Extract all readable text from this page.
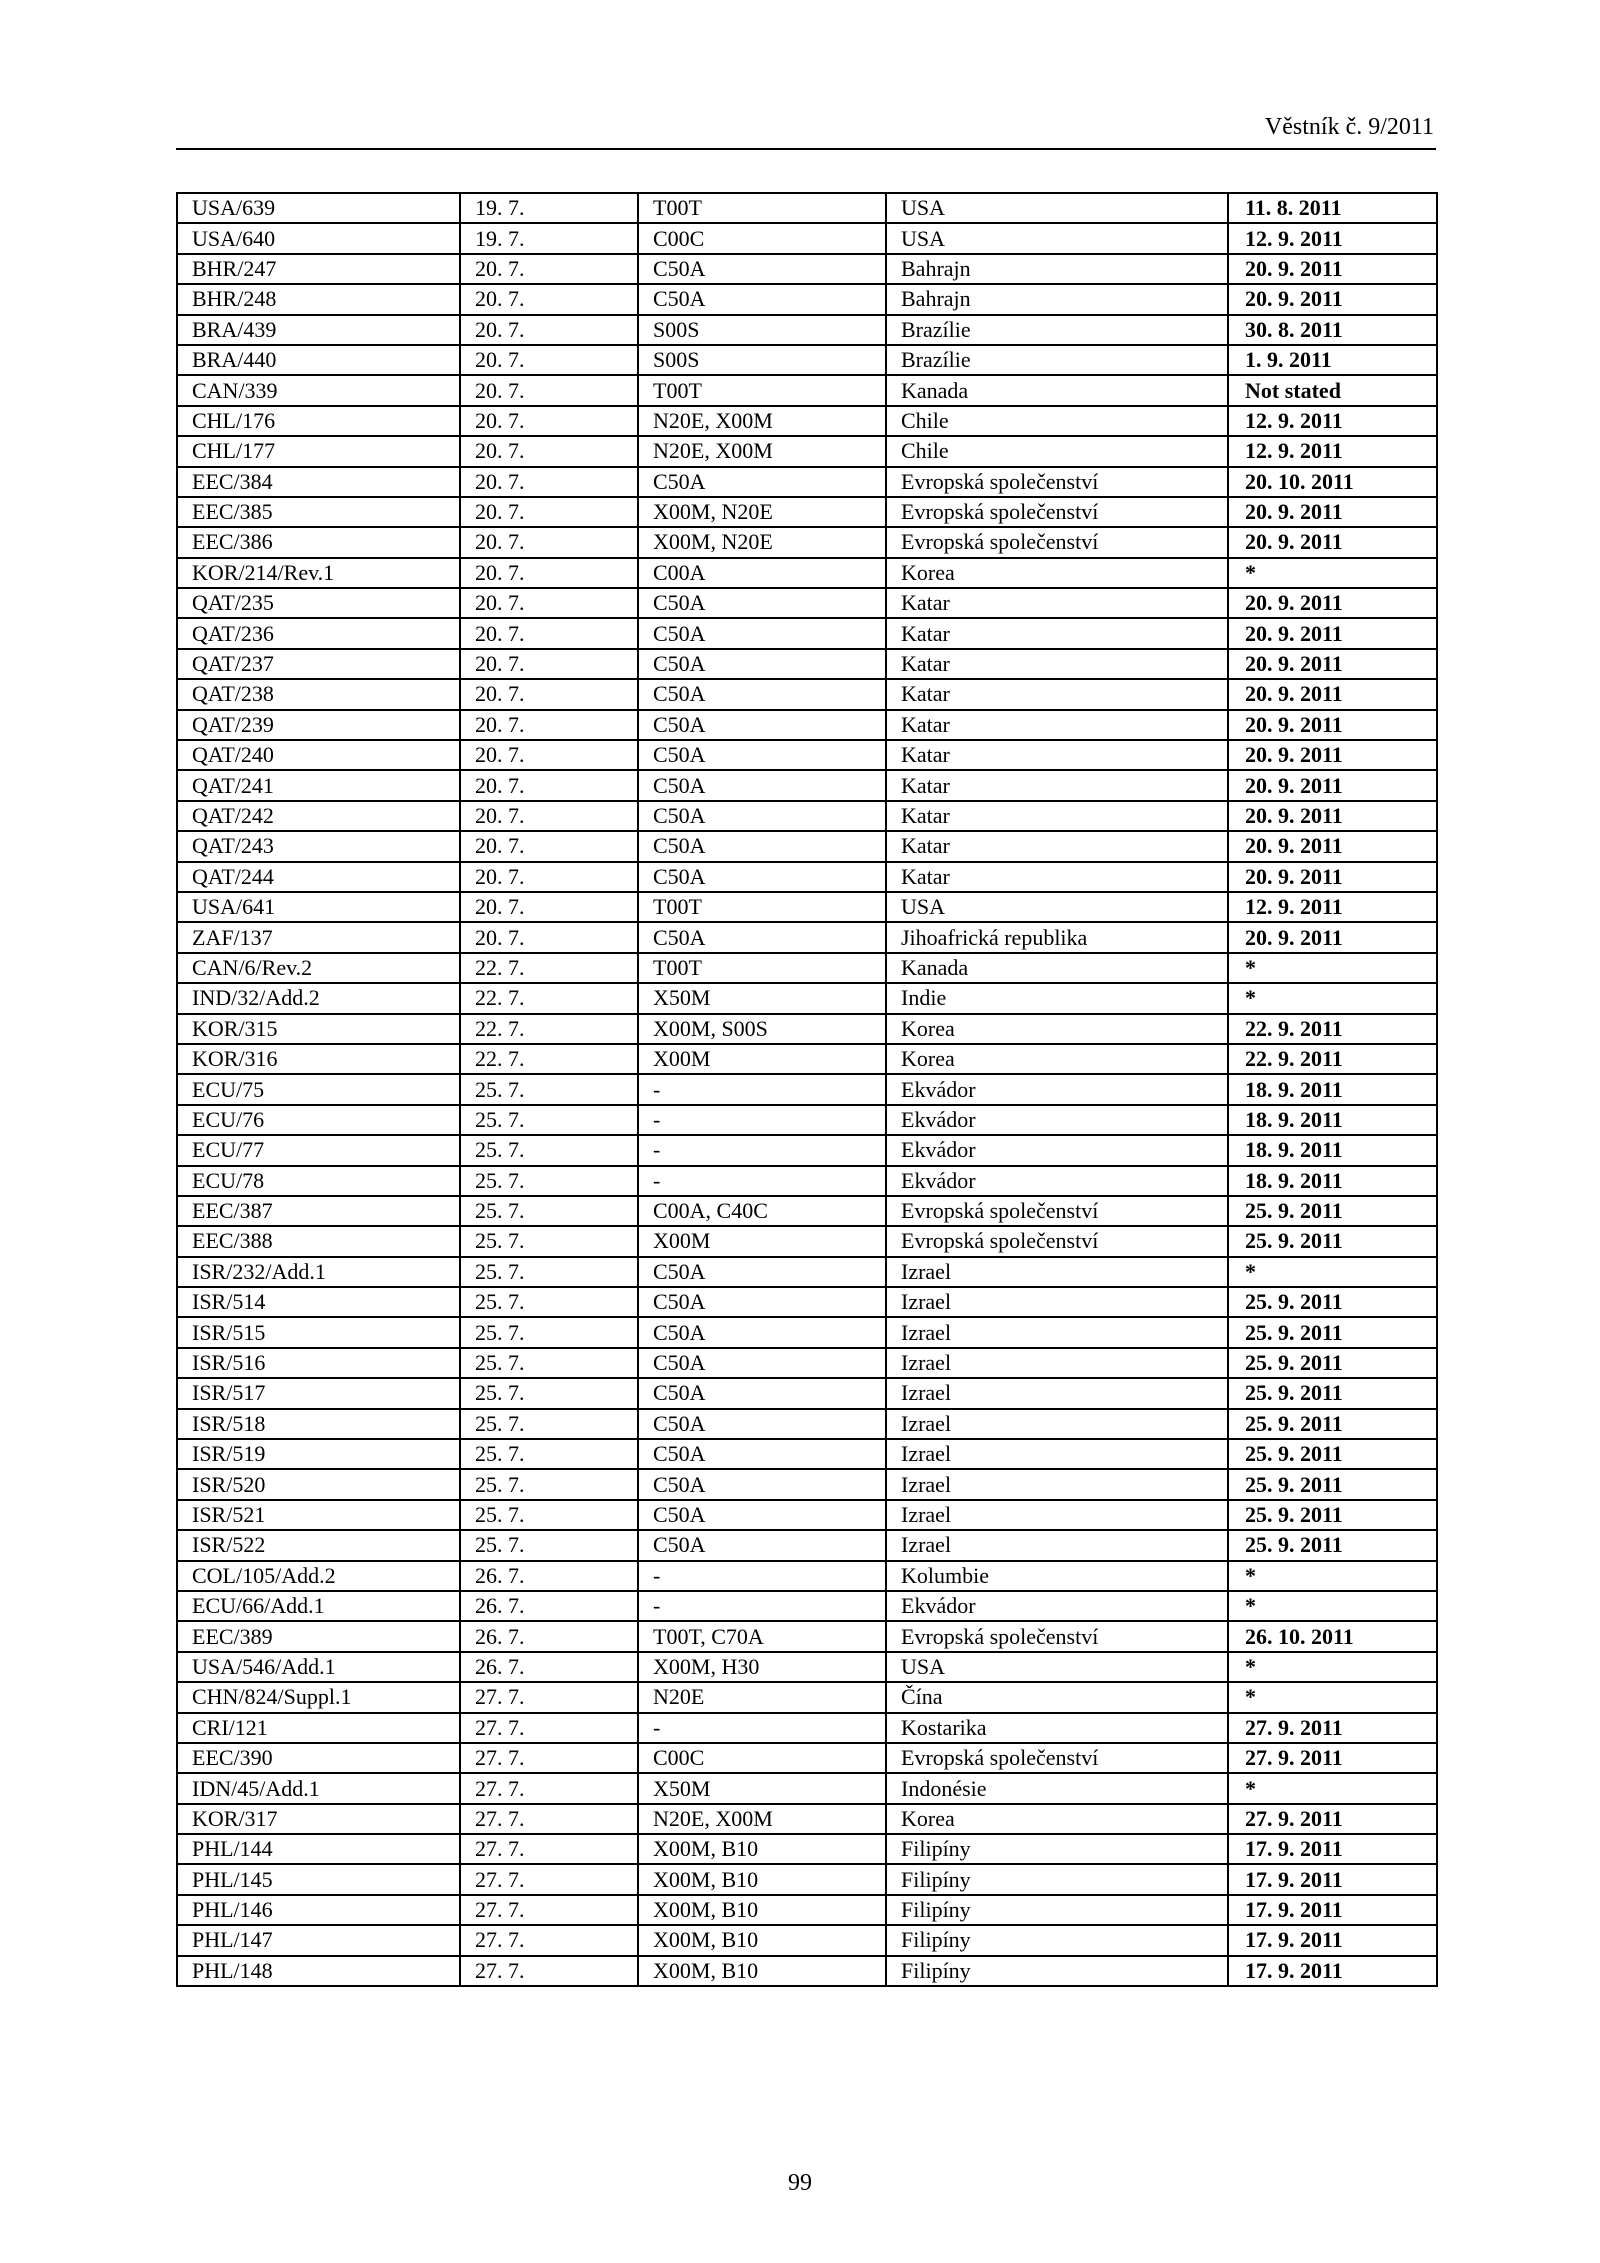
Věstník č. 9/2011
USA/639	19. 7.	T00T	USA	11. 8. 2011
USA/640	19. 7.	C00C	USA	12. 9. 2011
BHR/247	20. 7.	C50A	Bahrajn	20. 9. 2011
BHR/248	20. 7.	C50A	Bahrajn	20. 9. 2011
BRA/439	20. 7.	S00S	Brazílie	30. 8. 2011
BRA/440	20. 7.	S00S	Brazílie	1. 9. 2011
CAN/339	20. 7.	T00T	Kanada	Not stated
CHL/176	20. 7.	N20E, X00M	Chile	12. 9. 2011
CHL/177	20. 7.	N20E, X00M	Chile	12. 9. 2011
EEC/384	20. 7.	C50A	Evropská společenství	20. 10. 2011
EEC/385	20. 7.	X00M, N20E	Evropská společenství	20. 9. 2011
EEC/386	20. 7.	X00M, N20E	Evropská společenství	20. 9. 2011
KOR/214/Rev.1	20. 7.	C00A	Korea	*
QAT/235	20. 7.	C50A	Katar	20. 9. 2011
QAT/236	20. 7.	C50A	Katar	20. 9. 2011
QAT/237	20. 7.	C50A	Katar	20. 9. 2011
QAT/238	20. 7.	C50A	Katar	20. 9. 2011
QAT/239	20. 7.	C50A	Katar	20. 9. 2011
QAT/240	20. 7.	C50A	Katar	20. 9. 2011
QAT/241	20. 7.	C50A	Katar	20. 9. 2011
QAT/242	20. 7.	C50A	Katar	20. 9. 2011
QAT/243	20. 7.	C50A	Katar	20. 9. 2011
QAT/244	20. 7.	C50A	Katar	20. 9. 2011
USA/641	20. 7.	T00T	USA	12. 9. 2011
ZAF/137	20. 7.	C50A	Jihoafrická republika	20. 9. 2011
CAN/6/Rev.2	22. 7.	T00T	Kanada	*
IND/32/Add.2	22. 7.	X50M	Indie	*
KOR/315	22. 7.	X00M, S00S	Korea	22. 9. 2011
KOR/316	22. 7.	X00M	Korea	22. 9. 2011
ECU/75	25. 7.	-	Ekvádor	18. 9. 2011
ECU/76	25. 7.	-	Ekvádor	18. 9. 2011
ECU/77	25. 7.	-	Ekvádor	18. 9. 2011
ECU/78	25. 7.	-	Ekvádor	18. 9. 2011
EEC/387	25. 7.	C00A, C40C	Evropská společenství	25. 9. 2011
EEC/388	25. 7.	X00M	Evropská společenství	25. 9. 2011
ISR/232/Add.1	25. 7.	C50A	Izrael	*
ISR/514	25. 7.	C50A	Izrael	25. 9. 2011
ISR/515	25. 7.	C50A	Izrael	25. 9. 2011
ISR/516	25. 7.	C50A	Izrael	25. 9. 2011
ISR/517	25. 7.	C50A	Izrael	25. 9. 2011
ISR/518	25. 7.	C50A	Izrael	25. 9. 2011
ISR/519	25. 7.	C50A	Izrael	25. 9. 2011
ISR/520	25. 7.	C50A	Izrael	25. 9. 2011
ISR/521	25. 7.	C50A	Izrael	25. 9. 2011
ISR/522	25. 7.	C50A	Izrael	25. 9. 2011
COL/105/Add.2	26. 7.	-	Kolumbie	*
ECU/66/Add.1	26. 7.	-	Ekvádor	*
EEC/389	26. 7.	T00T, C70A	Evropská společenství	26. 10. 2011
USA/546/Add.1	26. 7.	X00M, H30	USA	*
CHN/824/Suppl.1	27. 7.	N20E	Čína	*
CRI/121	27. 7.	-	Kostarika	27. 9. 2011
EEC/390	27. 7.	C00C	Evropská společenství	27. 9. 2011
IDN/45/Add.1	27. 7.	X50M	Indonésie	*
KOR/317	27. 7.	N20E, X00M	Korea	27. 9. 2011
PHL/144	27. 7.	X00M, B10	Filipíny	17. 9. 2011
PHL/145	27. 7.	X00M, B10	Filipíny	17. 9. 2011
PHL/146	27. 7.	X00M, B10	Filipíny	17. 9. 2011
PHL/147	27. 7.	X00M, B10	Filipíny	17. 9. 2011
PHL/148	27. 7.	X00M, B10	Filipíny	17. 9. 2011
99
